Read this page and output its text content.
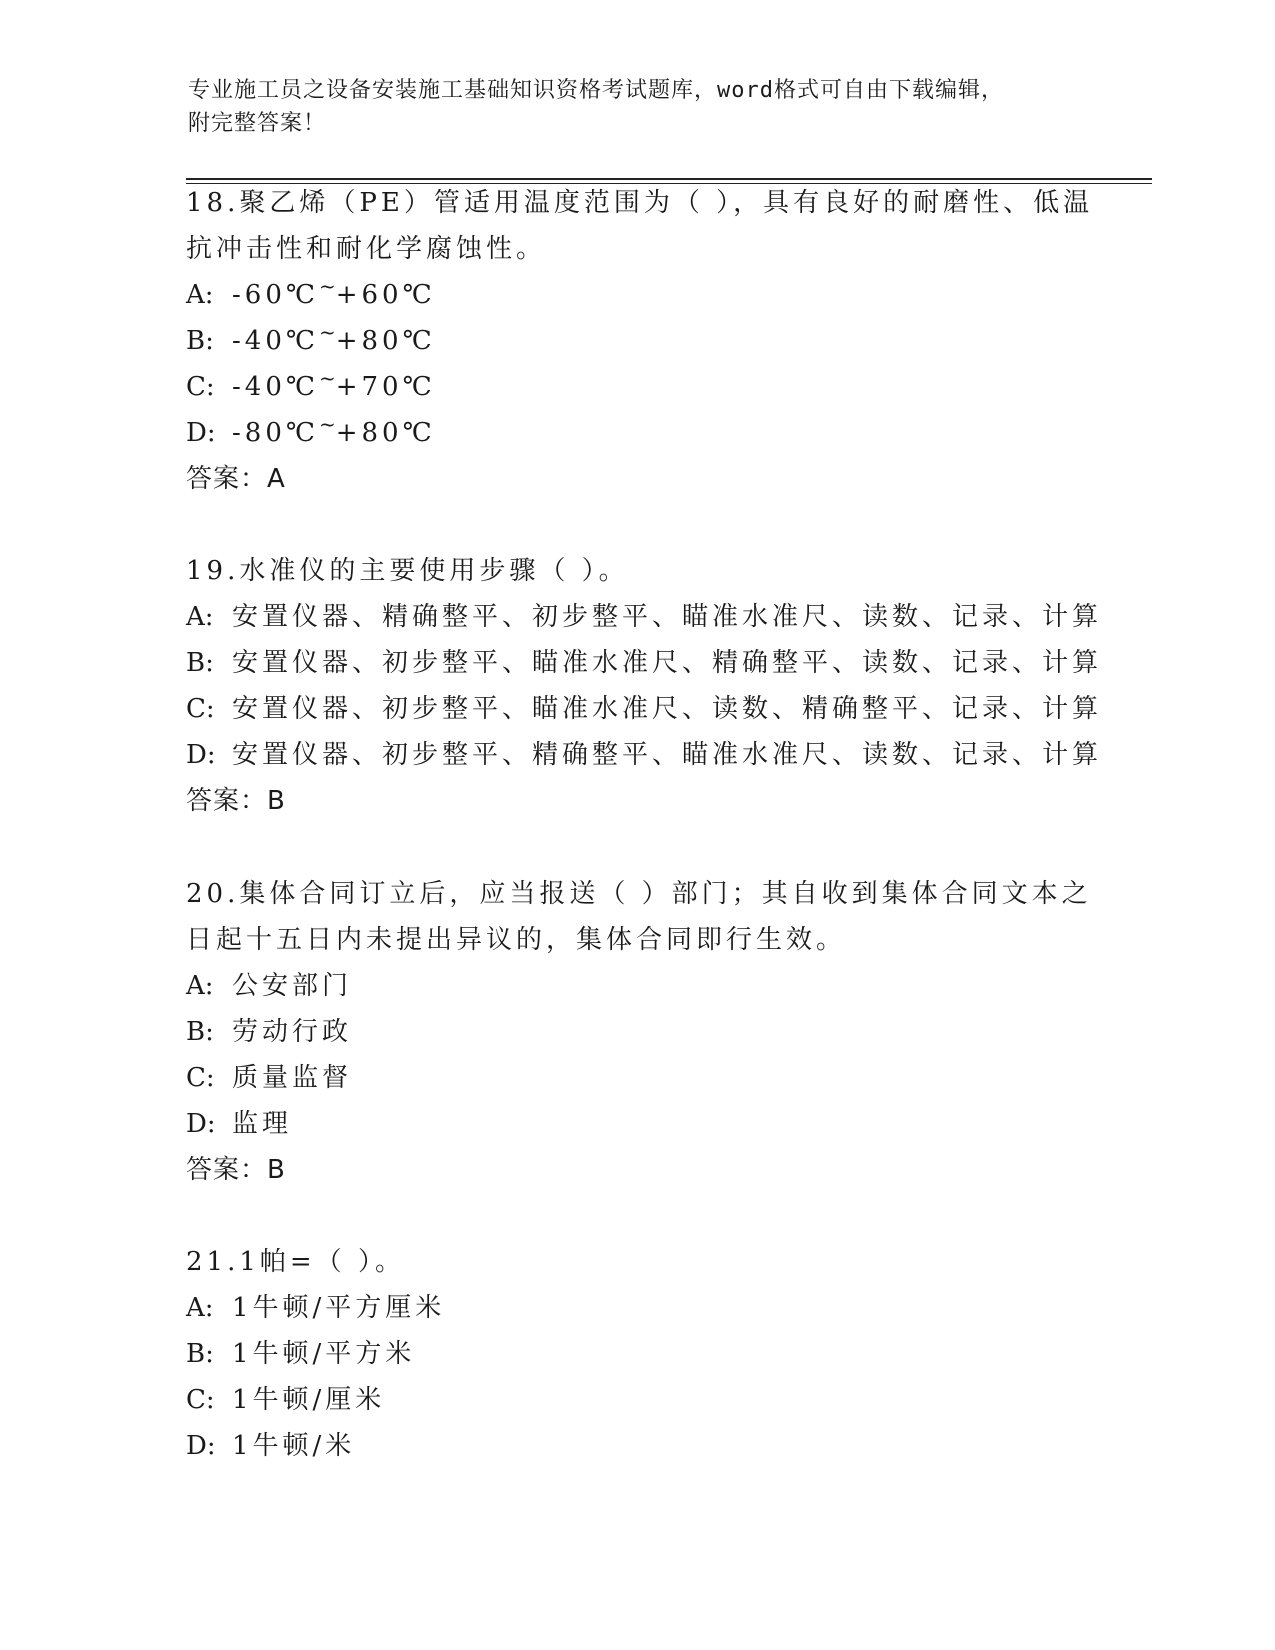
专业施工员之设备安装施工基础知识资格考试题库，word格式可自由下载编辑，
附完整答案！
18.聚乙烯（PE）管适用温度范围为（ ），具有良好的耐磨性、低温
抗冲击性和耐化学腐蚀性。
A: -60℃~+60℃
B: -40℃~+80℃
C: -40℃~+70℃
D: -80℃~+80℃
答案：A
19.水准仪的主要使用步骤（ ）。
A: 安置仪器、精确整平、初步整平、瞄准水准尺、读数、记录、计算
B: 安置仪器、初步整平、瞄准水准尺、精确整平、读数、记录、计算
C: 安置仪器、初步整平、瞄准水准尺、读数、精确整平、记录、计算
D: 安置仪器、初步整平、精确整平、瞄准水准尺、读数、记录、计算
答案：B
20.集体合同订立后，应当报送（ ）部门；其自收到集体合同文本之
日起十五日内未提出异议的，集体合同即行生效。
A: 公安部门
B: 劳动行政
C: 质量监督
D: 监理
答案：B
21.1帕=（ ）。
A: 1牛顿/平方厘米
B: 1牛顿/平方米
C: 1牛顿/厘米
D: 1牛顿/米
